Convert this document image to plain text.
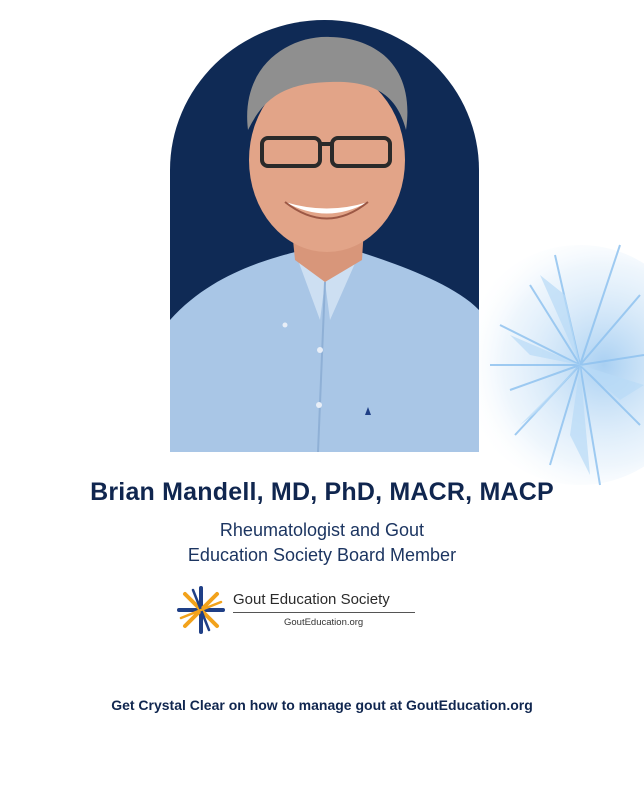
Brian Mandell, MD, PhD, MACR, MACP
Rheumatologist and Gout
Education Society Board Member
Gout Education Society
GoutEducation.org
Get Crystal Clear on how to manage gout at GoutEducation.org
